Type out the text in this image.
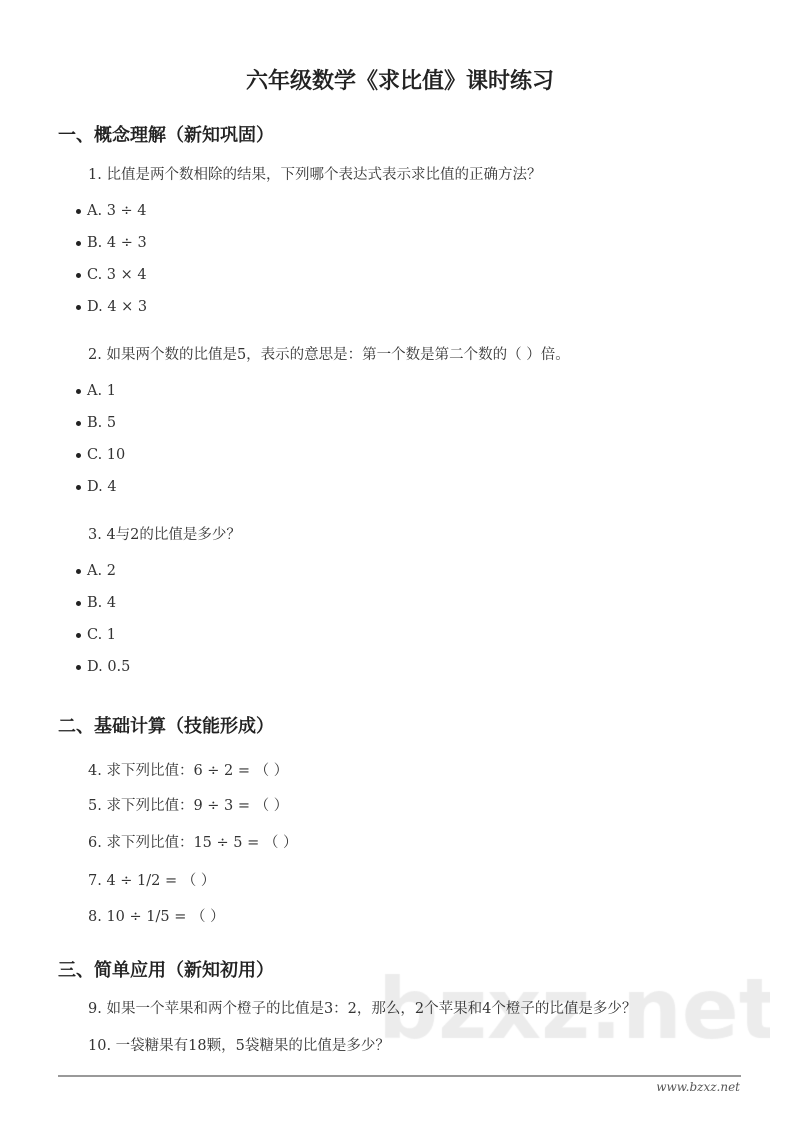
六年级数学《求比值》课时练习
一、概念理解（新知巩固）
1. 比值是两个数相除的结果，下列哪个表达式表示求比值的正确方法？
A. 3 ÷ 4
B. 4 ÷ 3
C. 3 × 4
D. 4 × 3
2. 如果两个数的比值是5，表示的意思是：第一个数是第二个数的（ ）倍。
A. 1
B. 5
C. 10
D. 4
3. 4与2的比值是多少？
A. 2
B. 4
C. 1
D. 0.5
二、基础计算（技能形成）
4. 求下列比值：6 ÷ 2 = （ ）
5. 求下列比值：9 ÷ 3 = （ ）
6. 求下列比值：15 ÷ 5 = （ ）
7. 4 ÷ 1/2 = （ ）
8. 10 ÷ 1/5 = （ ）
三、简单应用（新知初用）
9. 如果一个苹果和两个橙子的比值是3：2，那么，2个苹果和4个橙子的比值是多少？
10. 一袋糖果有18颗，5袋糖果的比值是多少？
www.bzxz.net
